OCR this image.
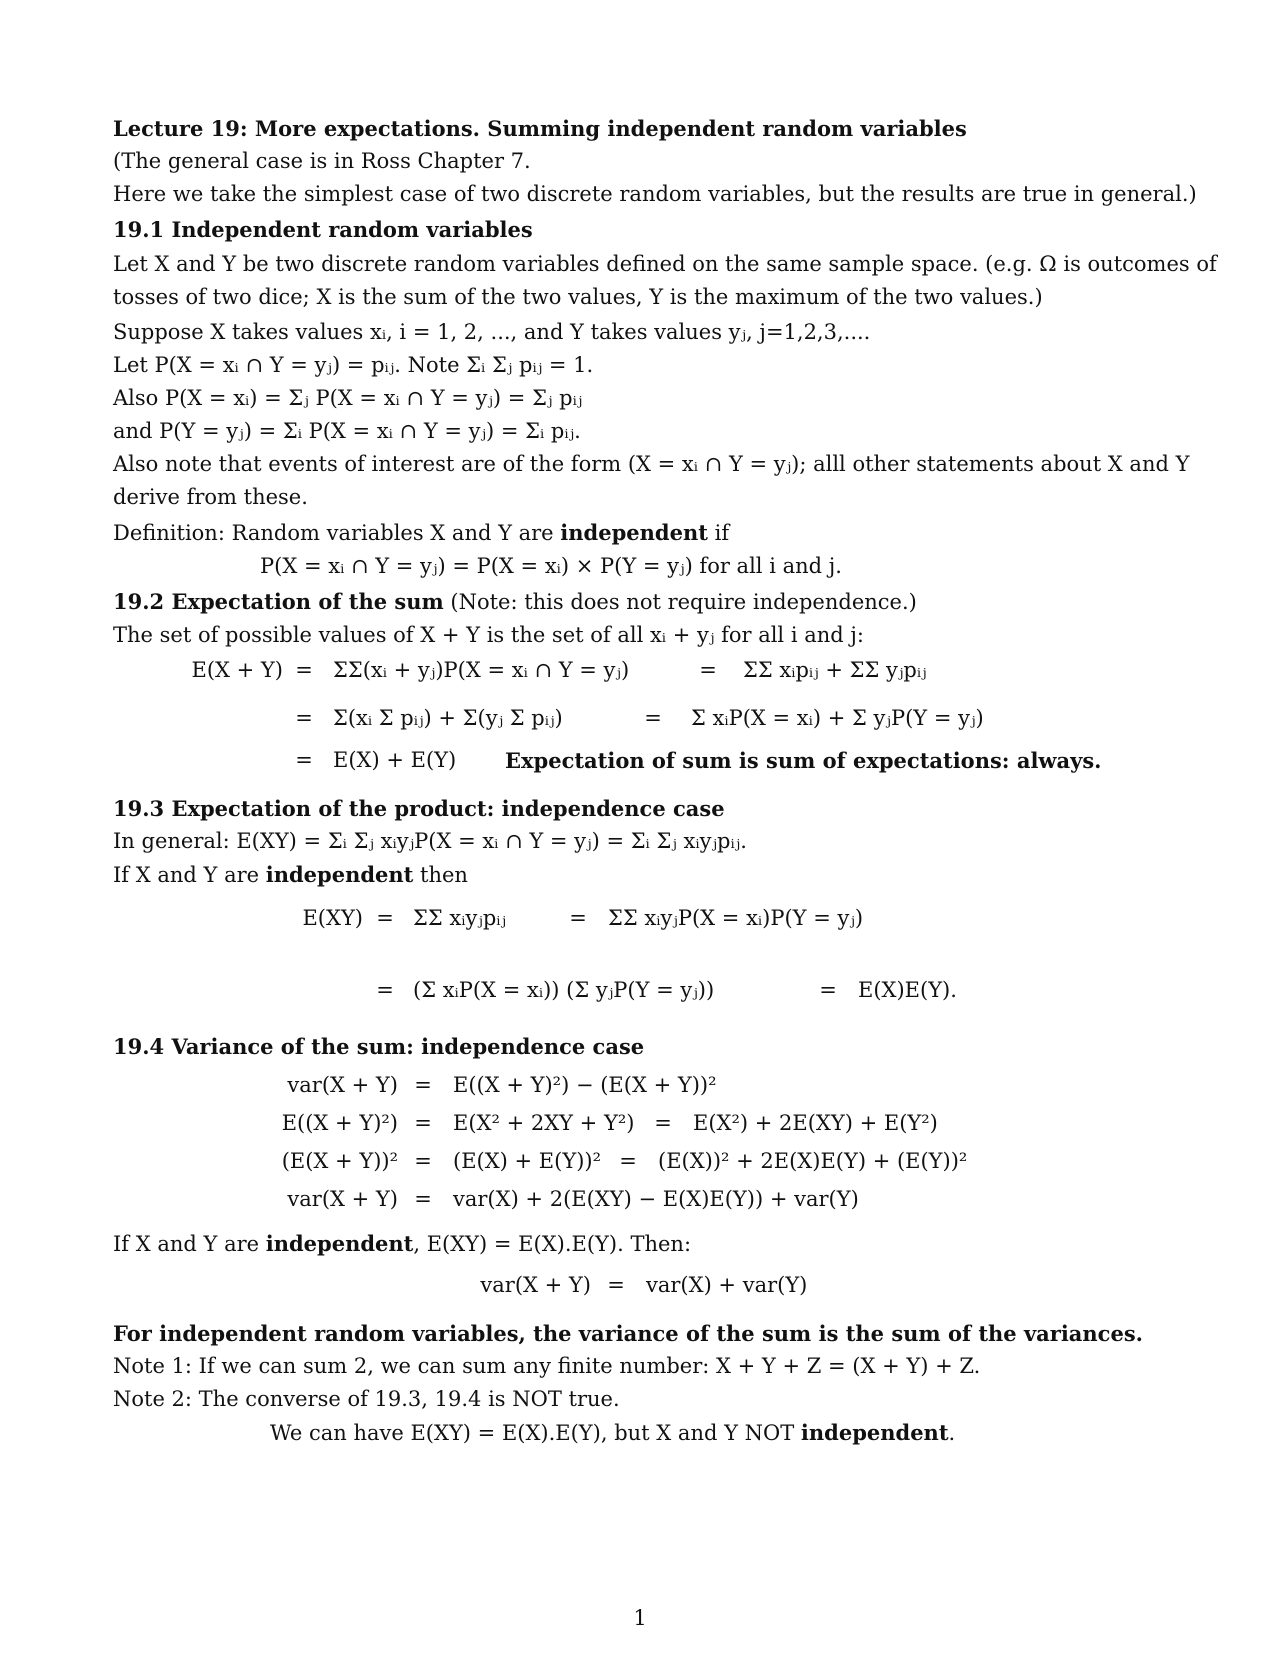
Lecture 19: More expectations. Summing independent random variables
(The general case is in Ross Chapter 7.
Here we take the simplest case of two discrete random variables, but the results are true in general.)
19.1 Independent random variables
Let X and Y be two discrete random variables defined on the same sample space. (e.g. Ω is outcomes of
tosses of two dice; X is the sum of the two values, Y is the maximum of the two values.)
Suppose X takes values xᵢ, i = 1, 2, ..., and Y takes values yⱼ, j=1,2,3,....
Let P(X = xᵢ ∩ Y = yⱼ) = pᵢⱼ. Note Σᵢ Σⱼ pᵢⱼ = 1.
Also P(X = xᵢ) = Σⱼ P(X = xᵢ ∩ Y = yⱼ) = Σⱼ pᵢⱼ
and P(Y = yⱼ) = Σᵢ P(X = xᵢ ∩ Y = yⱼ) = Σᵢ pᵢⱼ.
Also note that events of interest are of the form (X = xᵢ ∩ Y = yⱼ); alll other statements about X and Y
derive from these.
Definition: Random variables X and Y are independent if
P(X = xᵢ ∩ Y = yⱼ) = P(X = xᵢ) × P(Y = yⱼ) for all i and j.
19.2 Expectation of the sum (Note: this does not require independence.)
The set of possible values of X + Y is the set of all xᵢ + yⱼ for all i and j:
E(X + Y) = ΣΣ(xᵢ + yⱼ)P(X = xᵢ ∩ Y = yⱼ)	= ΣΣ xᵢpᵢⱼ + ΣΣ yⱼpᵢⱼ
= Σ(xᵢ Σ pᵢⱼ) + Σ(yⱼ Σ pᵢⱼ)	= Σ xᵢP(X = xᵢ) + Σ yⱼP(Y = yⱼ)
= E(X) + E(Y) Expectation of sum is sum of expectations: always.
19.3 Expectation of the product: independence case
In general: E(XY) = Σᵢ Σⱼ xᵢyⱼP(X = xᵢ ∩ Y = yⱼ) = Σᵢ Σⱼ xᵢyⱼpᵢⱼ.
If X and Y are independent then
E(XY) = ΣΣ xᵢyⱼpᵢⱼ	= ΣΣ xᵢyⱼP(X = xᵢ)P(Y = yⱼ)
= (Σ xᵢP(X = xᵢ)) (Σ yⱼP(Y = yⱼ))	= E(X)E(Y).
19.4 Variance of the sum: independence case
var(X + Y) = E((X + Y)²) − (E(X + Y))²
E((X + Y)²) = E(X² + 2XY + Y²) = E(X²) + 2E(XY) + E(Y²)
(E(X + Y))² = (E(X) + E(Y))² = (E(X))² + 2E(X)E(Y) + (E(Y))²
var(X + Y) = var(X) + 2(E(XY) − E(X)E(Y)) + var(Y)
If X and Y are independent, E(XY) = E(X).E(Y). Then:
var(X + Y) = var(X) + var(Y)
For independent random variables, the variance of the sum is the sum of the variances.
Note 1: If we can sum 2, we can sum any finite number: X + Y + Z = (X + Y) + Z.
Note 2: The converse of 19.3, 19.4 is NOT true.
We can have E(XY) = E(X).E(Y), but X and Y NOT independent.
1
